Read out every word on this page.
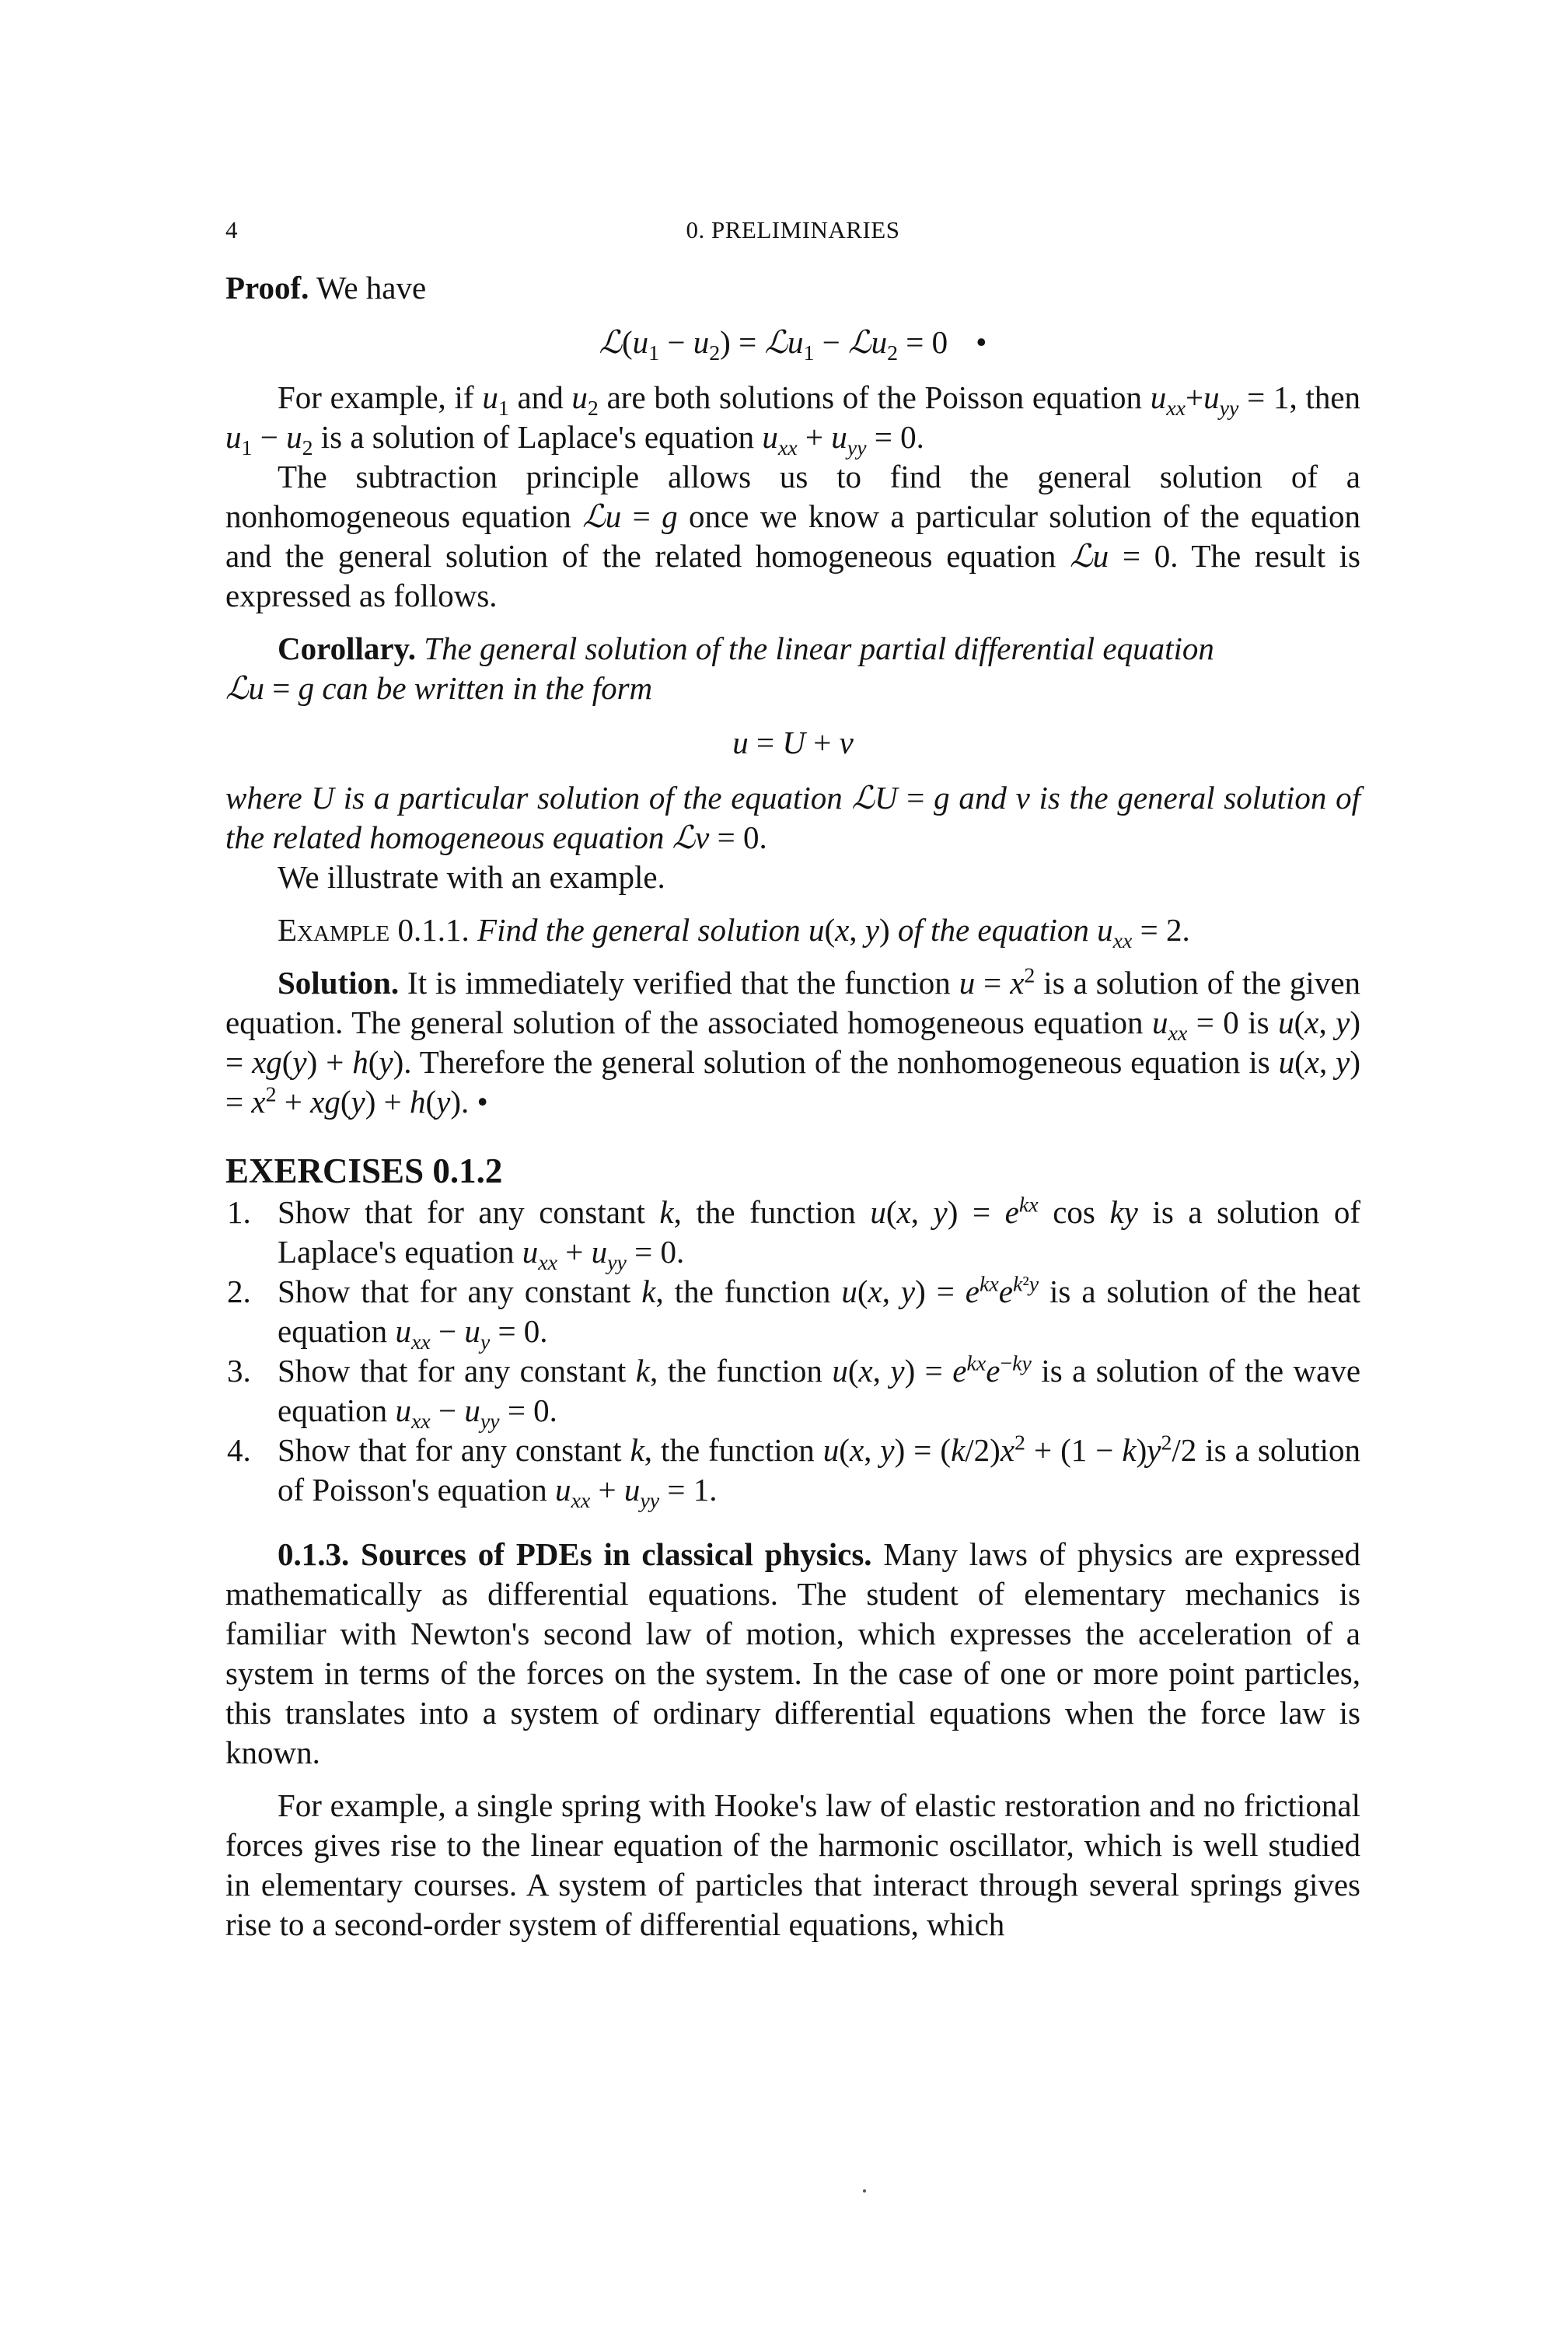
4	0. PRELIMINARIES

Proof. We have

$ℒ(u_1 - u_2)$ = ℒu$_1$ − ℒu$_2$ = 0 •

For example, if $u_1$ and $u_2$ are both solutions of the Poisson equation $u_{xx}+u_{yy} = 1$, then $u_1 - u_2$ is a solution of Laplace's equation $u_{xx} + u_{yy} = 0$.

The subtraction principle allows us to find the general solution of a nonhomogeneous equation ℒu = g once we know a particular solution of the equation and the general solution of the related homogeneous equation ℒu = 0. The result is expressed as follows.

Corollary. The general solution of the linear partial differential equation
ℒu = g can be written in the form

u = U + v

where U is a particular solution of the equation ℒU = g and v is the general solution of the related homogeneous equation ℒv = 0.

We illustrate with an example.

Example 0.1.1. Find the general solution u(x, y) of the equation $u_{xx} = 2$.

Solution. It is immediately verified that the function $u = x^2$ is a solution of the given equation. The general solution of the associated homogeneous equation $u_{xx} = 0$ is u(x, y) = xg(y) + h(y). Therefore the general solution of the nonhomogeneous equation is u(x, $y) = x^2 + xg(y) + h(y)$. •

EXERCISES 0.1.2
1. Show that for any constant k, the function u(x, $y) = e^{kx}$ cos ky is a solution of Laplace's equation $u_{xx} + u_{yy} = 0$.
2. Show that for any constant k, the function u(x, $y) = e^{kx}e^{k^2y}$ is a solution of the heat equation $u_{xx} - u_y = 0$.
3. Show that for any constant k, the function u(x, $y) = e^{kx}e^{-ky}$ is a solution of the wave equation $u_{xx} - u_{yy} = 0$.
4. Show that for any constant k, the function u(x, $y) = (k/2)x^2 + (1 - k)y^2/2$ is a solution of Poisson's equation $u_{xx} + u_{yy} = 1$.

0.1.3. Sources of PDEs in classical physics. Many laws of physics are expressed mathematically as differential equations. The student of elementary mechanics is familiar with Newton's second law of motion, which expresses the acceleration of a system in terms of the forces on the system. In the case of one or more point particles, this translates into a system of ordinary differential equations when the force law is known.

For example, a single spring with Hooke's law of elastic restoration and no frictional forces gives rise to the linear equation of the harmonic oscillator, which is well studied in elementary courses. A system of particles that interact through several springs gives rise to a second-order system of differential equations, which
